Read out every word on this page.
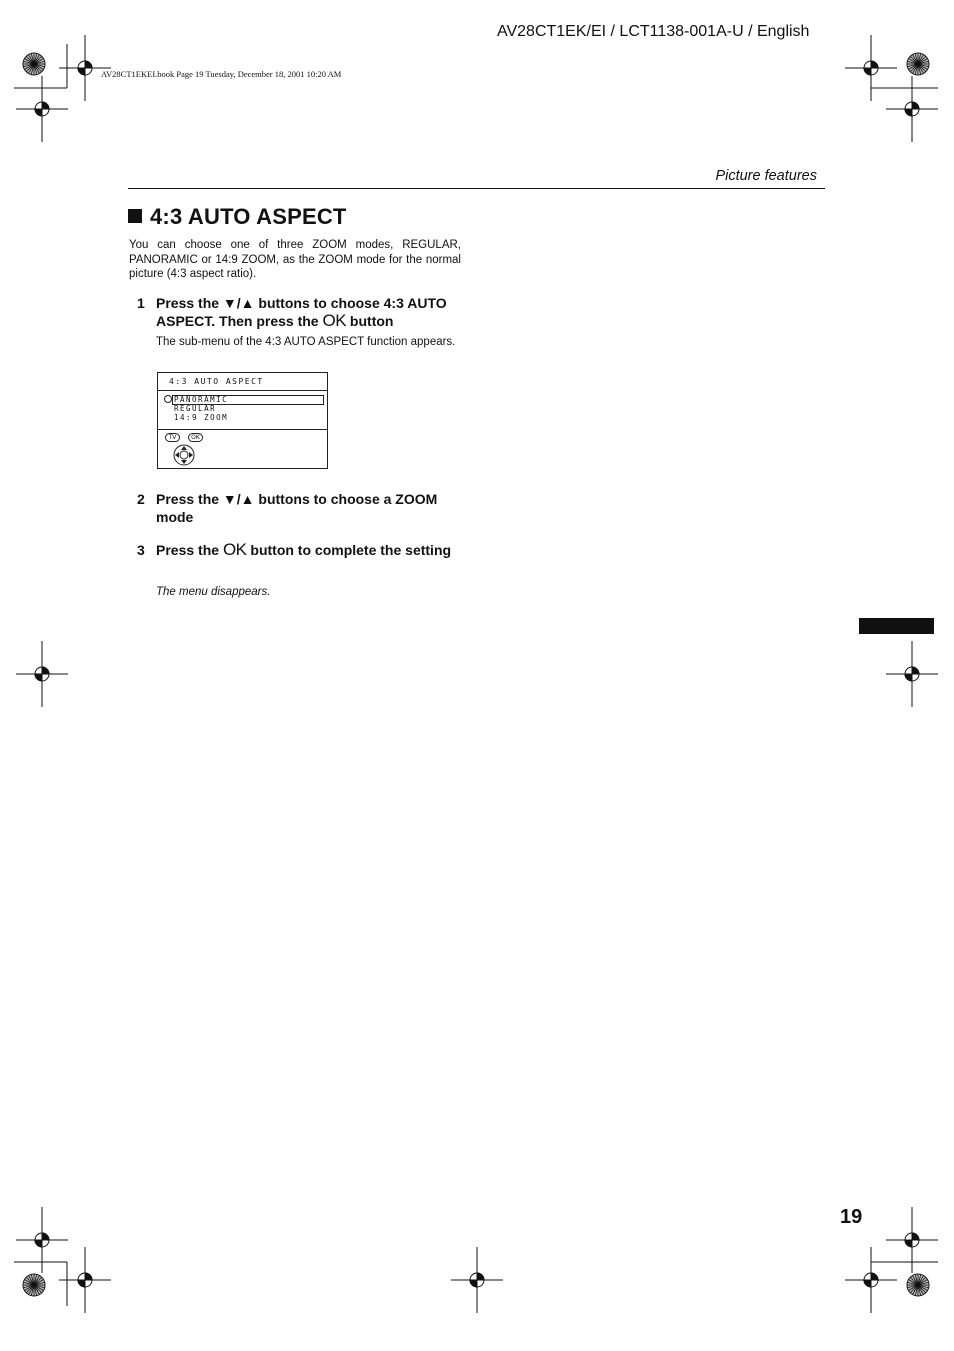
AV28CT1EK/EI / LCT1138-001A-U / English
AV28CT1EKEI.book Page 19 Tuesday, December 18, 2001 10:20 AM
Picture features
4:3 AUTO ASPECT
You can choose one of three ZOOM modes, REGULAR, PANORAMIC or 14:9 ZOOM, as the ZOOM mode for the normal picture (4:3 aspect ratio).
1 Press the ▼/▲ buttons to choose 4:3 AUTO ASPECT. Then press the OK button
The sub-menu of the 4:3 AUTO ASPECT function appears.
4:3 AUTO ASPECT
PANORAMIC
REGULAR
14:9 ZOOM
TV	OK
2 Press the ▼/▲ buttons to choose a ZOOM mode
3 Press the OK button to complete the setting
The menu disappears.
19
